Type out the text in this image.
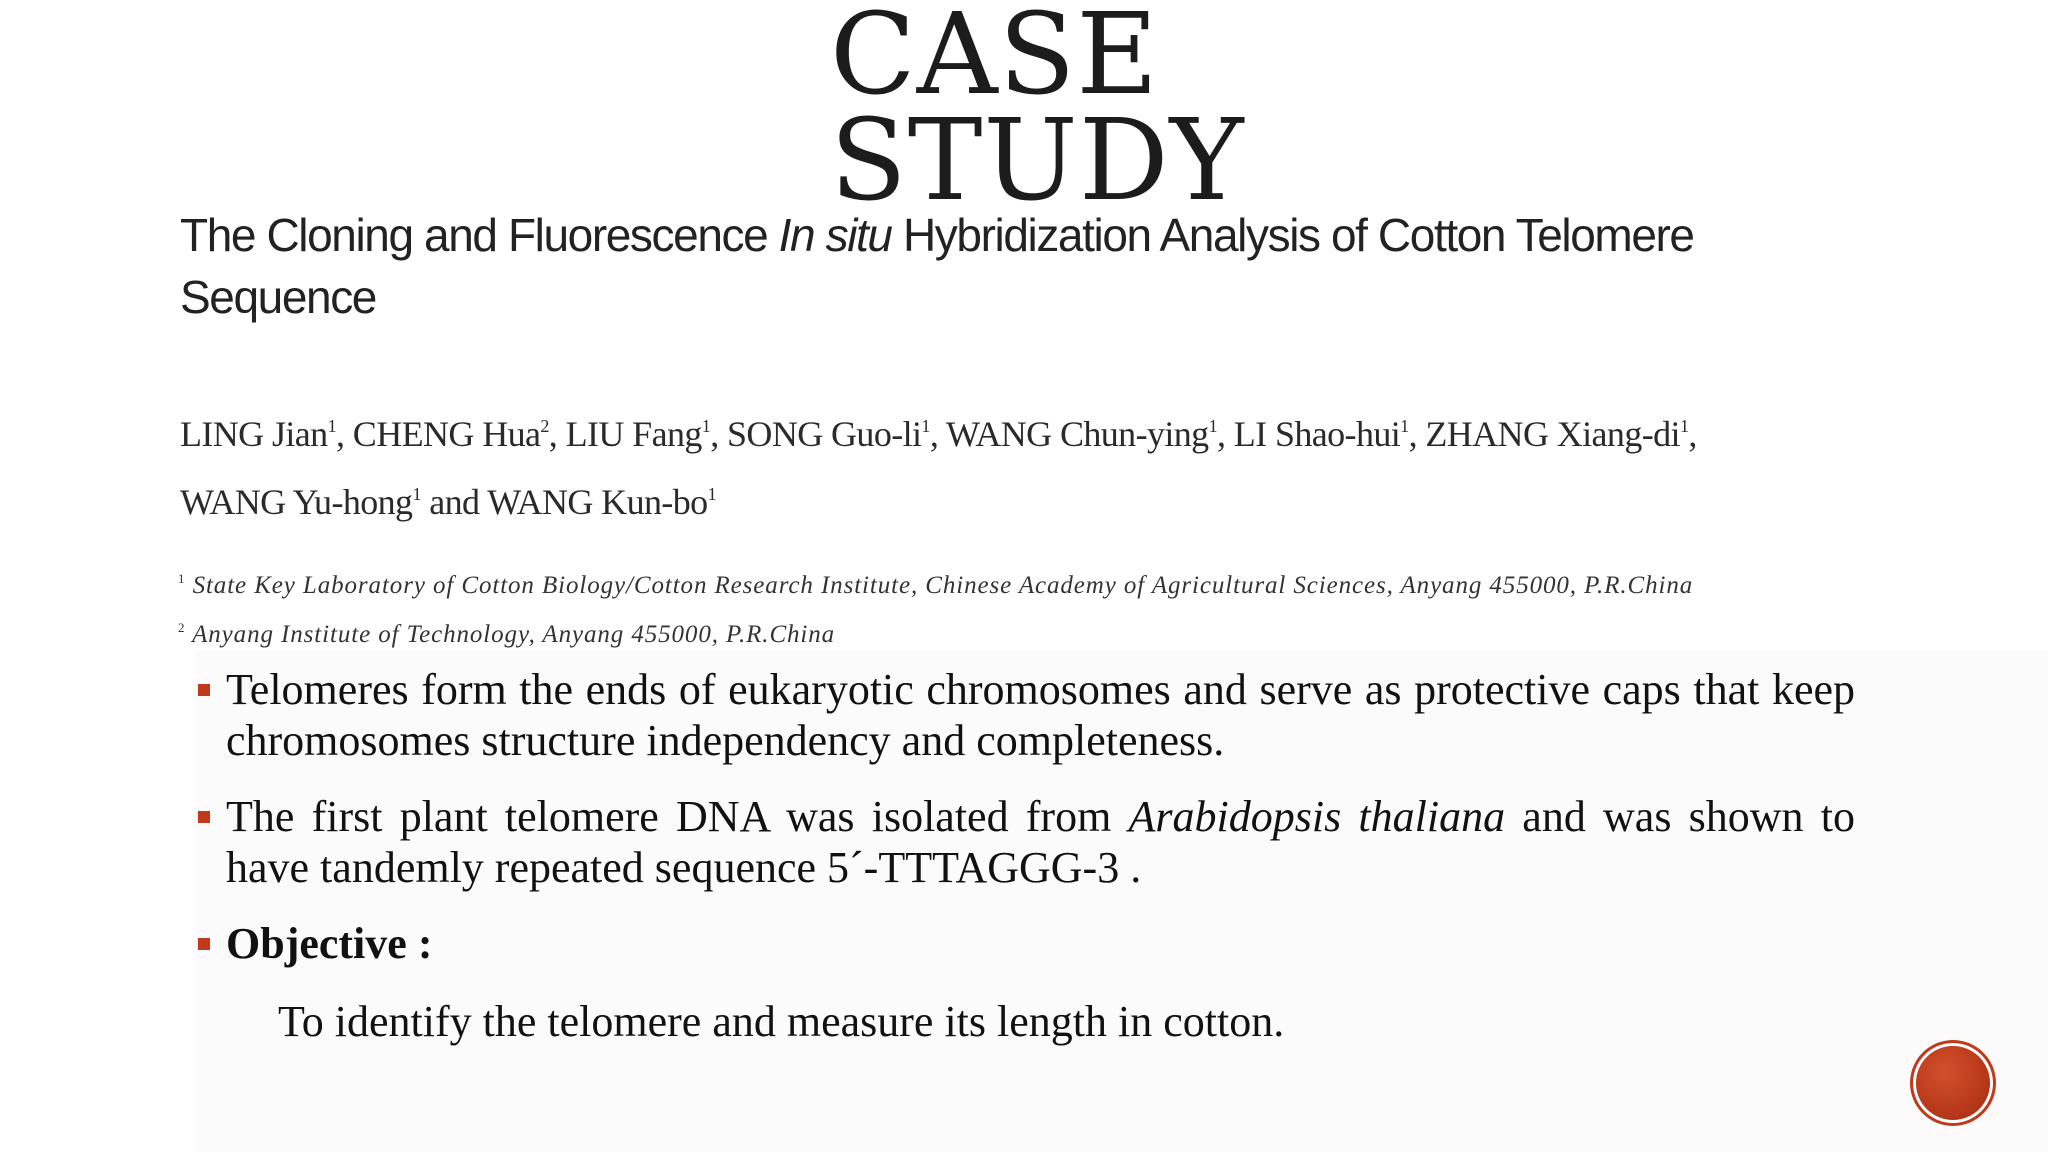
CASE
STUDY
The Cloning and Fluorescence In situ Hybridization Analysis of Cotton Telomere Sequence
LING Jian$^1$, CHENG Hua$^2$, LIU Fang$^1$, SONG Guo-$li^1$, WANG Chun-ying$^1$, LI Shao-hui$^1$, ZHANG Xiang-$di^1$,
WANG Yu-hong$^1$ and WANG Kun-$bo^1$
$^1$ State Key Laboratory of Cotton Biology/Cotton Research Institute, Chinese Academy of Agricultural Sciences, Anyang 455000, P.R.China
$^2$ Anyang Institute of Technology, Anyang 455000, P.R.China
Telomeres form the ends of eukaryotic chromosomes and serve as protective caps that keep chromosomes structure independency and completeness.
The first plant telomere DNA was isolated from Arabidopsis thaliana and was shown to have tandemly repeated sequence 5´-TTTAGGG-3 .
Objective :
To identify the telomere and measure its length in cotton.
